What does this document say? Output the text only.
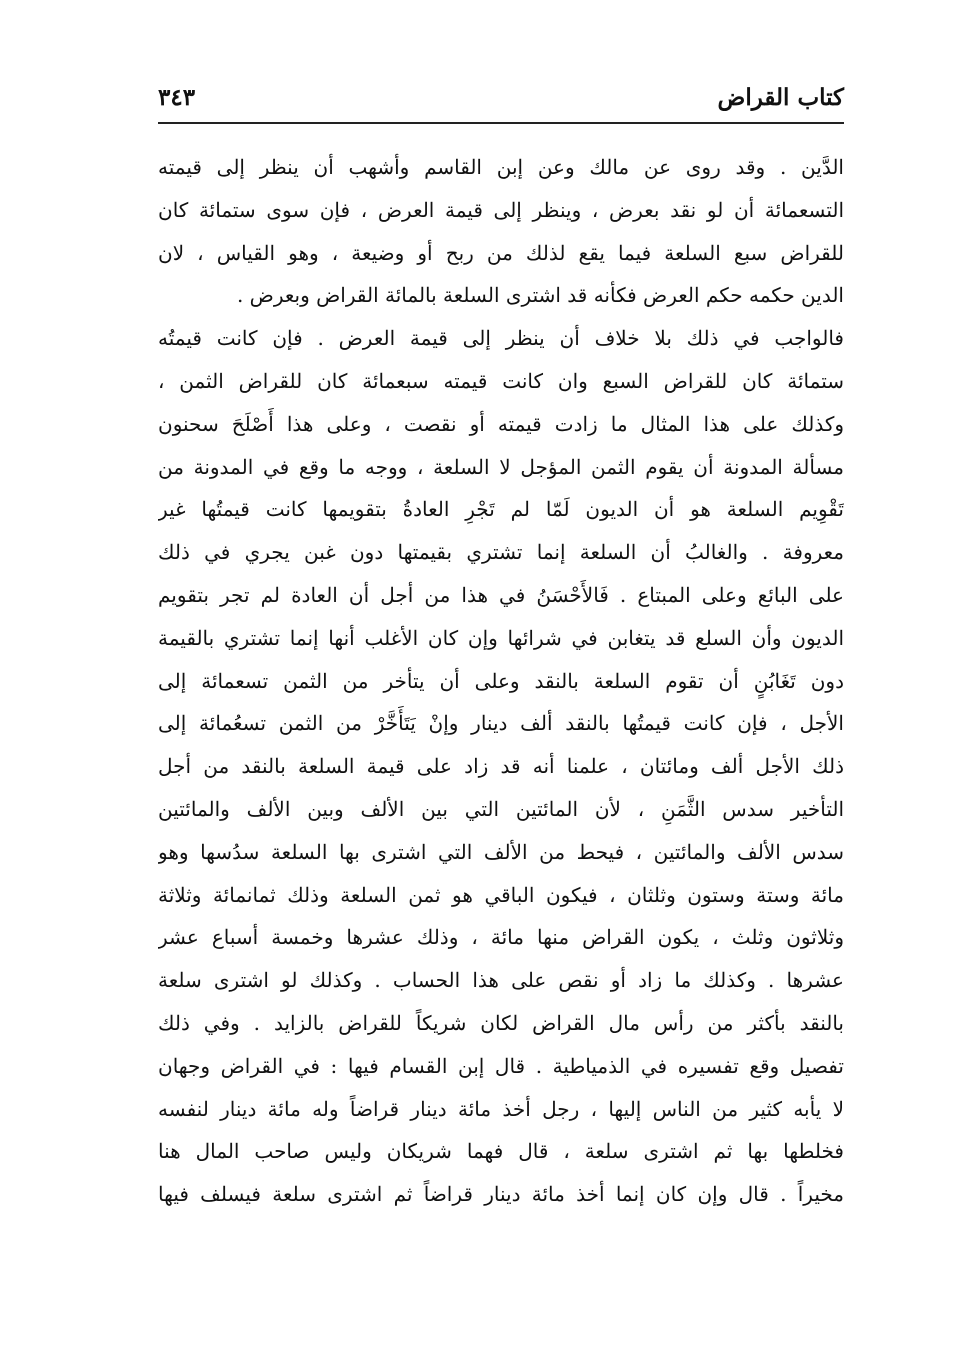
كتاب القراض
٣٤٣
الدَّين . وقد روى عن مالك وعن إبن القاسم وأشهب أن ينظر إلى قيمته
التسعمائة أن لو نقد بعرض ، وينظر إلى قيمة العرض ، فإن سوى ستمائة كان
للقراض سبع السلعة فيما يقع لذلك من ربح أو وضيعة ، وهو القياس ، لان
الدين حكمه حكم العرض فكأنه قد اشترى السلعة بالمائة القراض وبعرض .
فالواجب في ذلك بلا خلاف أن ينظر إلى قيمة العرض . فإن كانت قيمتُه
ستمائة كان للقراض السبع وان كانت قيمته سبعمائة كان للقراض الثمن ،
وكذلك على هذا المثال ما زادت قيمته أو نقصت ، وعلى هذا أَصْلَحَ سحنون
مسألة المدونة أن يقوم الثمن المؤجل لا السلعة ، ووجه ما وقع في المدونة من
تَقْوِيم السلعة هو أن الديون لَمّا لم تَجْرِ العادةُ بتقويمها كانت قيمتُها غير
معروفة . والغالبُ أن السلعة إنما تشتري بقيمتها دون غبن يجري في ذلك
على البائع وعلى المبتاع . فَالأَحْسَنُ في هذا من أجل أن العادة لم تجر بتقويم
الديون وأن السلع قد يتغابن في شرائها وإن كان الأغلب أنها إنما تشتري بالقيمة
دون تَغَابُنٍ أن تقوم السلعة بالنقد وعلى أن يتأخر من الثمن تسعمائة إلى
الأجل ، فإن كانت قيمتُها بالنقد ألف دينار وإنْ يَتَأَخَّرْ من الثمن تسعُمائة إلى
ذلك الأجل ألف ومائتان ، علمنا أنه قد زاد على قيمة السلعة بالنقد من أجل
التأخير سدس الثَّمَنِ ، لأن المائتين التي بين الألف وبين الألف والمائتين
سدس الألف والمائتين ، فيحط من الألف التي اشترى بها السلعة سدُسها وهو
مائة وستة وستون وثلثان ، فيكون الباقي هو ثمن السلعة وذلك ثمانمائة وثلاثة
وثلاثون وثلث ، يكون القراض منها مائة ، وذلك عشرها وخمسة أسباع عشر
عشرها . وكذلك ما زاد أو نقص على هذا الحساب . وكذلك لو اشترى سلعة
بالنقد بأكثر من رأس مال القراض لكان شريكاً للقراض بالزايد . وفي ذلك
تفصيل وقع تفسيره في الذمياطية . قال إبن القسام فيها : في القراض وجهان
لا يأبه كثير من الناس إليها ، رجل أخذ مائة دينار قراضاً وله مائة دينار لنفسه
فخلطها بها ثم اشترى سلعة ، قال فهما شريكان وليس صاحب المال هنا
مخيراً . قال وإن كان إنما أخذ مائة دينار قراضاً ثم اشترى سلعة فيسلف فيها
